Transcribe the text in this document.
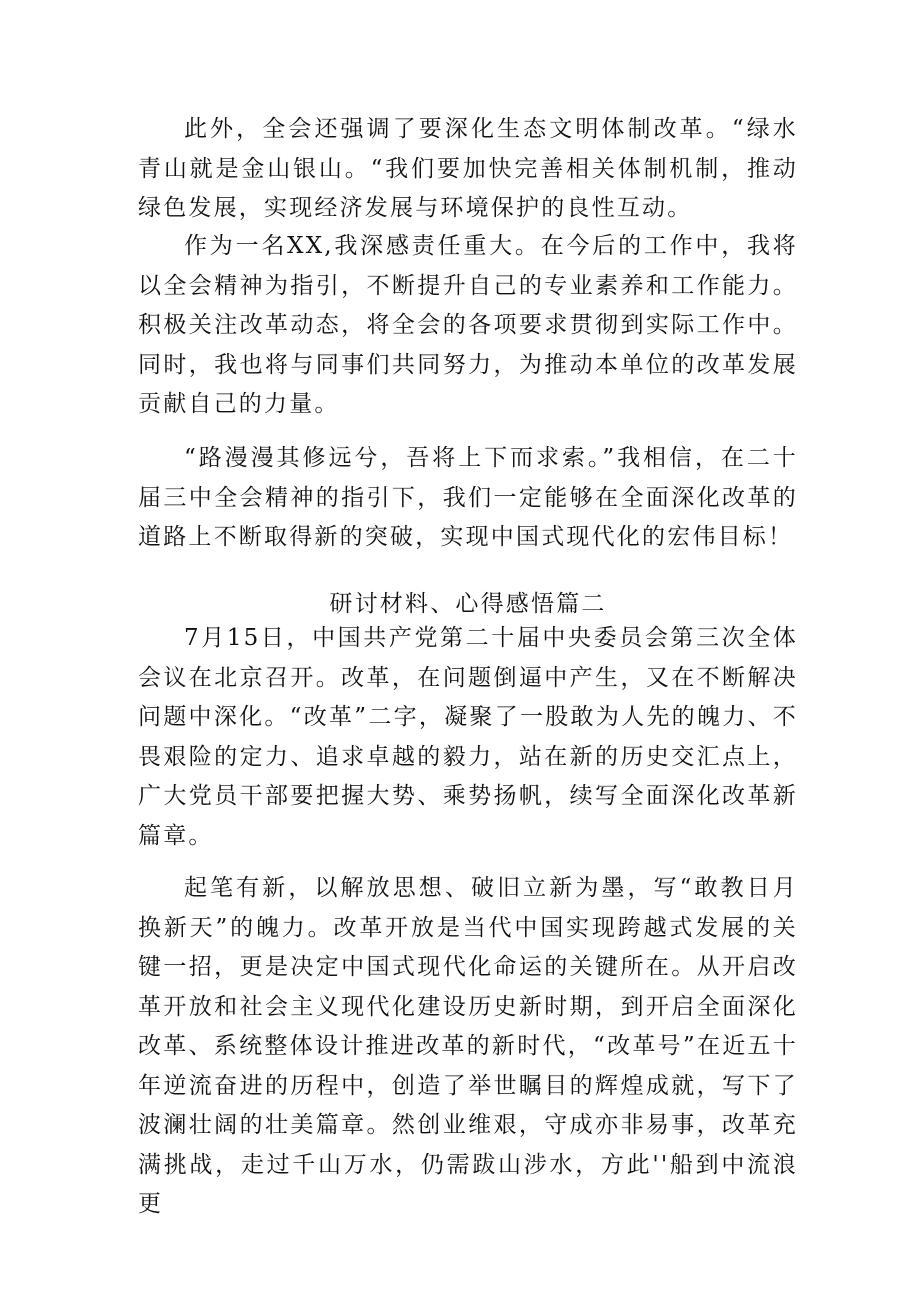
此外，全会还强调了要深化生态文明体制改革。“绿水青山就是金山银山。“我们要加快完善相关体制机制，推动绿色发展，实现经济发展与环境保护的良性互动。

作为一名XX,我深感责任重大。在今后的工作中，我将以全会精神为指引，不断提升自己的专业素养和工作能力。积极关注改革动态，将全会的各项要求贯彻到实际工作中。同时，我也将与同事们共同努力，为推动本单位的改革发展贡献自己的力量。

“路漫漫其修远兮，吾将上下而求索。”我相信，在二十届三中全会精神的指引下，我们一定能够在全面深化改革的道路上不断取得新的突破，实现中国式现代化的宏伟目标！

研讨材料、心得感悟篇二

7月15日，中国共产党第二十届中央委员会第三次全体会议在北京召开。改革，在问题倒逼中产生，又在不断解决问题中深化。“改革”二字，凝聚了一股敢为人先的魄力、不畏艰险的定力、追求卓越的毅力，站在新的历史交汇点上，广大党员干部要把握大势、乘势扬帆，续写全面深化改革新篇章。

起笔有新，以解放思想、破旧立新为墨，写“敢教日月换新天”的魄力。改革开放是当代中国实现跨越式发展的关键一招，更是决定中国式现代化命运的关键所在。从开启改革开放和社会主义现代化建设历史新时期，到开启全面深化改革、系统整体设计推进改革的新时代，“改革号”在近五十年逆流奋进的历程中，创造了举世瞩目的辉煌成就，写下了波澜壮阔的壮美篇章。然创业维艰，守成亦非易事，改革充满挑战，走过千山万水，仍需跋山涉水，方此''船到中流浪更
